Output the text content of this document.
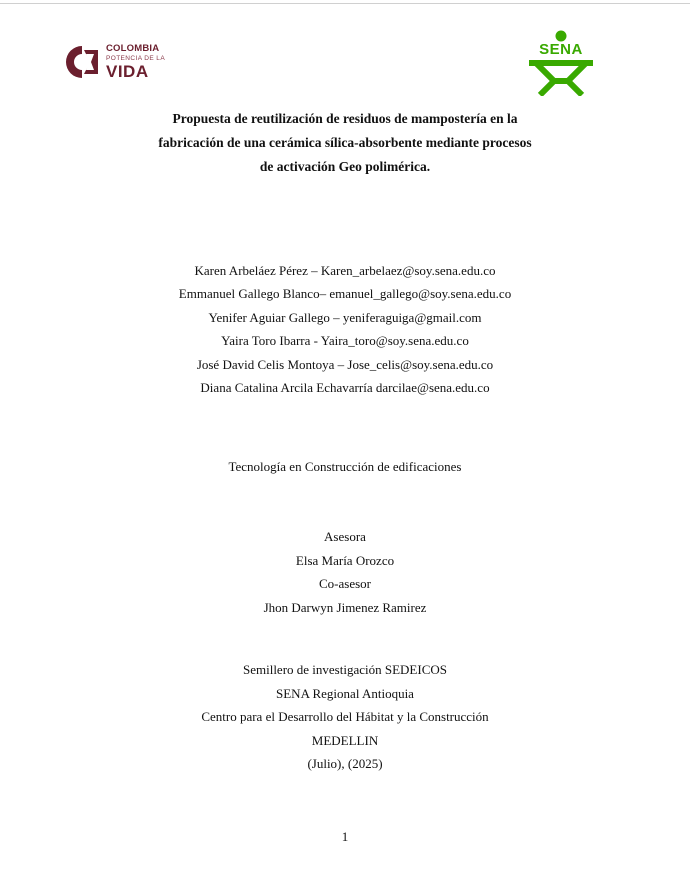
COLOMBIA
POTENCIA DE LA
VIDA
SENA
Propuesta de reutilización de residuos de mampostería en la
fabricación de una cerámica sílica-absorbente mediante procesos
de activación Geo polimérica.
Karen Arbeláez Pérez – Karen_arbelaez@soy.sena.edu.co
Emmanuel Gallego Blanco– emanuel_gallego@soy.sena.edu.co
Yenifer Aguiar Gallego – yeniferaguiga@gmail.com
Yaira Toro Ibarra - Yaira_toro@soy.sena.edu.co
José David Celis Montoya – Jose_celis@soy.sena.edu.co
Diana Catalina Arcila Echavarría darcilae@sena.edu.co
Tecnología en Construcción de edificaciones
Asesora
Elsa María Orozco
Co-asesor
Jhon Darwyn Jimenez Ramirez
Semillero de investigación SEDEICOS
SENA Regional Antioquia
Centro para el Desarrollo del Hábitat y la Construcción
MEDELLIN
(Julio), (2025)
1
